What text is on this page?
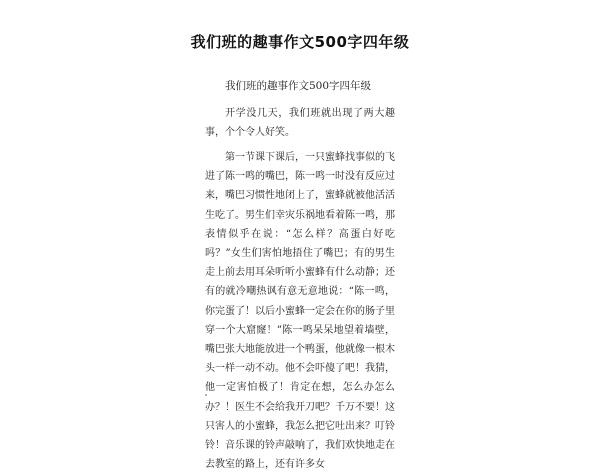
我们班的趣事作文500字四年级
我们班的趣事作文500字四年级

开学没几天，我们班就出现了两大趣事，个个令人好笑。

第一节课下课后，一只蜜蜂找事似的飞进了陈一鸣的嘴巴，陈一鸣一时没有反应过来，嘴巴习惯性地闭上了，蜜蜂就被他活活生吃了。男生们幸灾乐祸地看着陈一鸣，那表情似乎在说：“怎么样？高蛋白好吃吗？”女生们害怕地捂住了嘴巴；有的男生走上前去用耳朵听听小蜜蜂有什么动静；还有的就冷嘲热讽有意无意地说：“陈一鸣，你完蛋了！以后小蜜蜂一定会在你的肠子里穿一个大窟窿！”陈一鸣呆呆地望着墙壁，嘴巴张大地能放进一个鸭蛋，他就像一根木头一样一动不动。他不会吓傻了吧！我猜，他一定害怕极了！肯定在想，怎么办怎么办？！医生不会给我开刀吧？千万不要！这只害人的小蜜蜂，我怎么把它吐出来？叮铃铃！音乐课的铃声敲响了，我们欢快地走在去教室的路上，还有许多女
